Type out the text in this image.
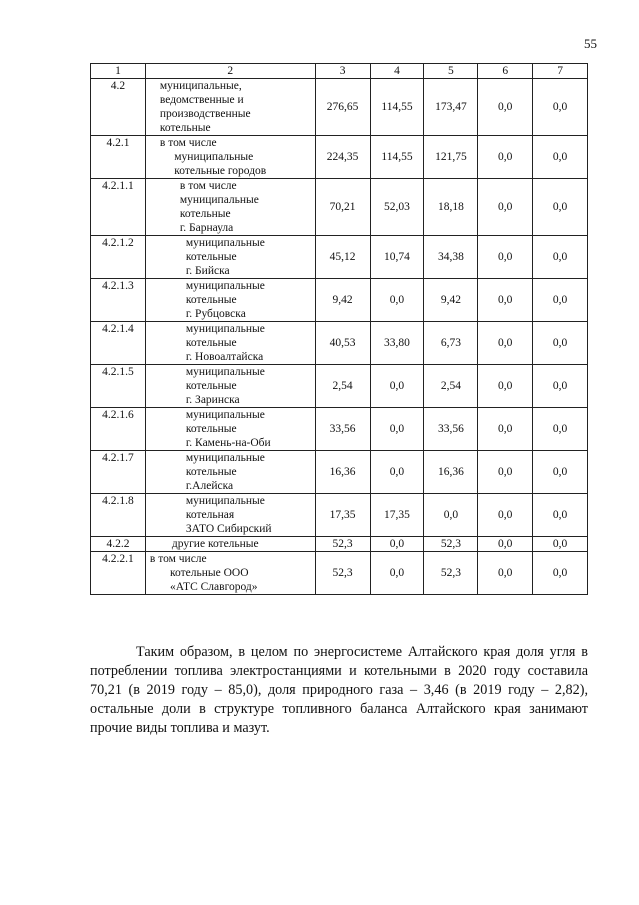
55
1	2	3	4	5	6	7
4.2	муниципальные,
ведомственные и
производственные
котельные	276,65	114,55	173,47	0,0	0,0
4.2.1	в том числе
муниципальные
котельные городов	224,35	114,55	121,75	0,0	0,0
4.2.1.1	в том числе
муниципальные
котельные
г. Барнаула	70,21	52,03	18,18	0,0	0,0
4.2.1.2	муниципальные
котельные
г. Бийска	45,12	10,74	34,38	0,0	0,0
4.2.1.3	муниципальные
котельные
г. Рубцовска	9,42	0,0	9,42	0,0	0,0
4.2.1.4	муниципальные
котельные
г. Новоалтайска	40,53	33,80	6,73	0,0	0,0
4.2.1.5	муниципальные
котельные
г. Заринска	2,54	0,0	2,54	0,0	0,0
4.2.1.6	муниципальные
котельные
г. Камень-на-Оби	33,56	0,0	33,56	0,0	0,0
4.2.1.7	муниципальные
котельные
г.Алейска	16,36	0,0	16,36	0,0	0,0
4.2.1.8	муниципальные
котельная
ЗАТО Сибирский	17,35	17,35	0,0	0,0	0,0
4.2.2	другие котельные	52,3	0,0	52,3	0,0	0,0
4.2.2.1	в том числе
котельные ООО
«АТС Славгород»	52,3	0,0	52,3	0,0	0,0
Таким образом, в целом по энергосистеме Алтайского края доля угля в
потреблении топлива электростанциями и котельными в 2020 году составила
70,21 (в 2019 году – 85,0), доля природного газа – 3,46 (в 2019 году – 2,82),
остальные доли в структуре топливного баланса Алтайского края занимают
прочие виды топлива и мазут.
